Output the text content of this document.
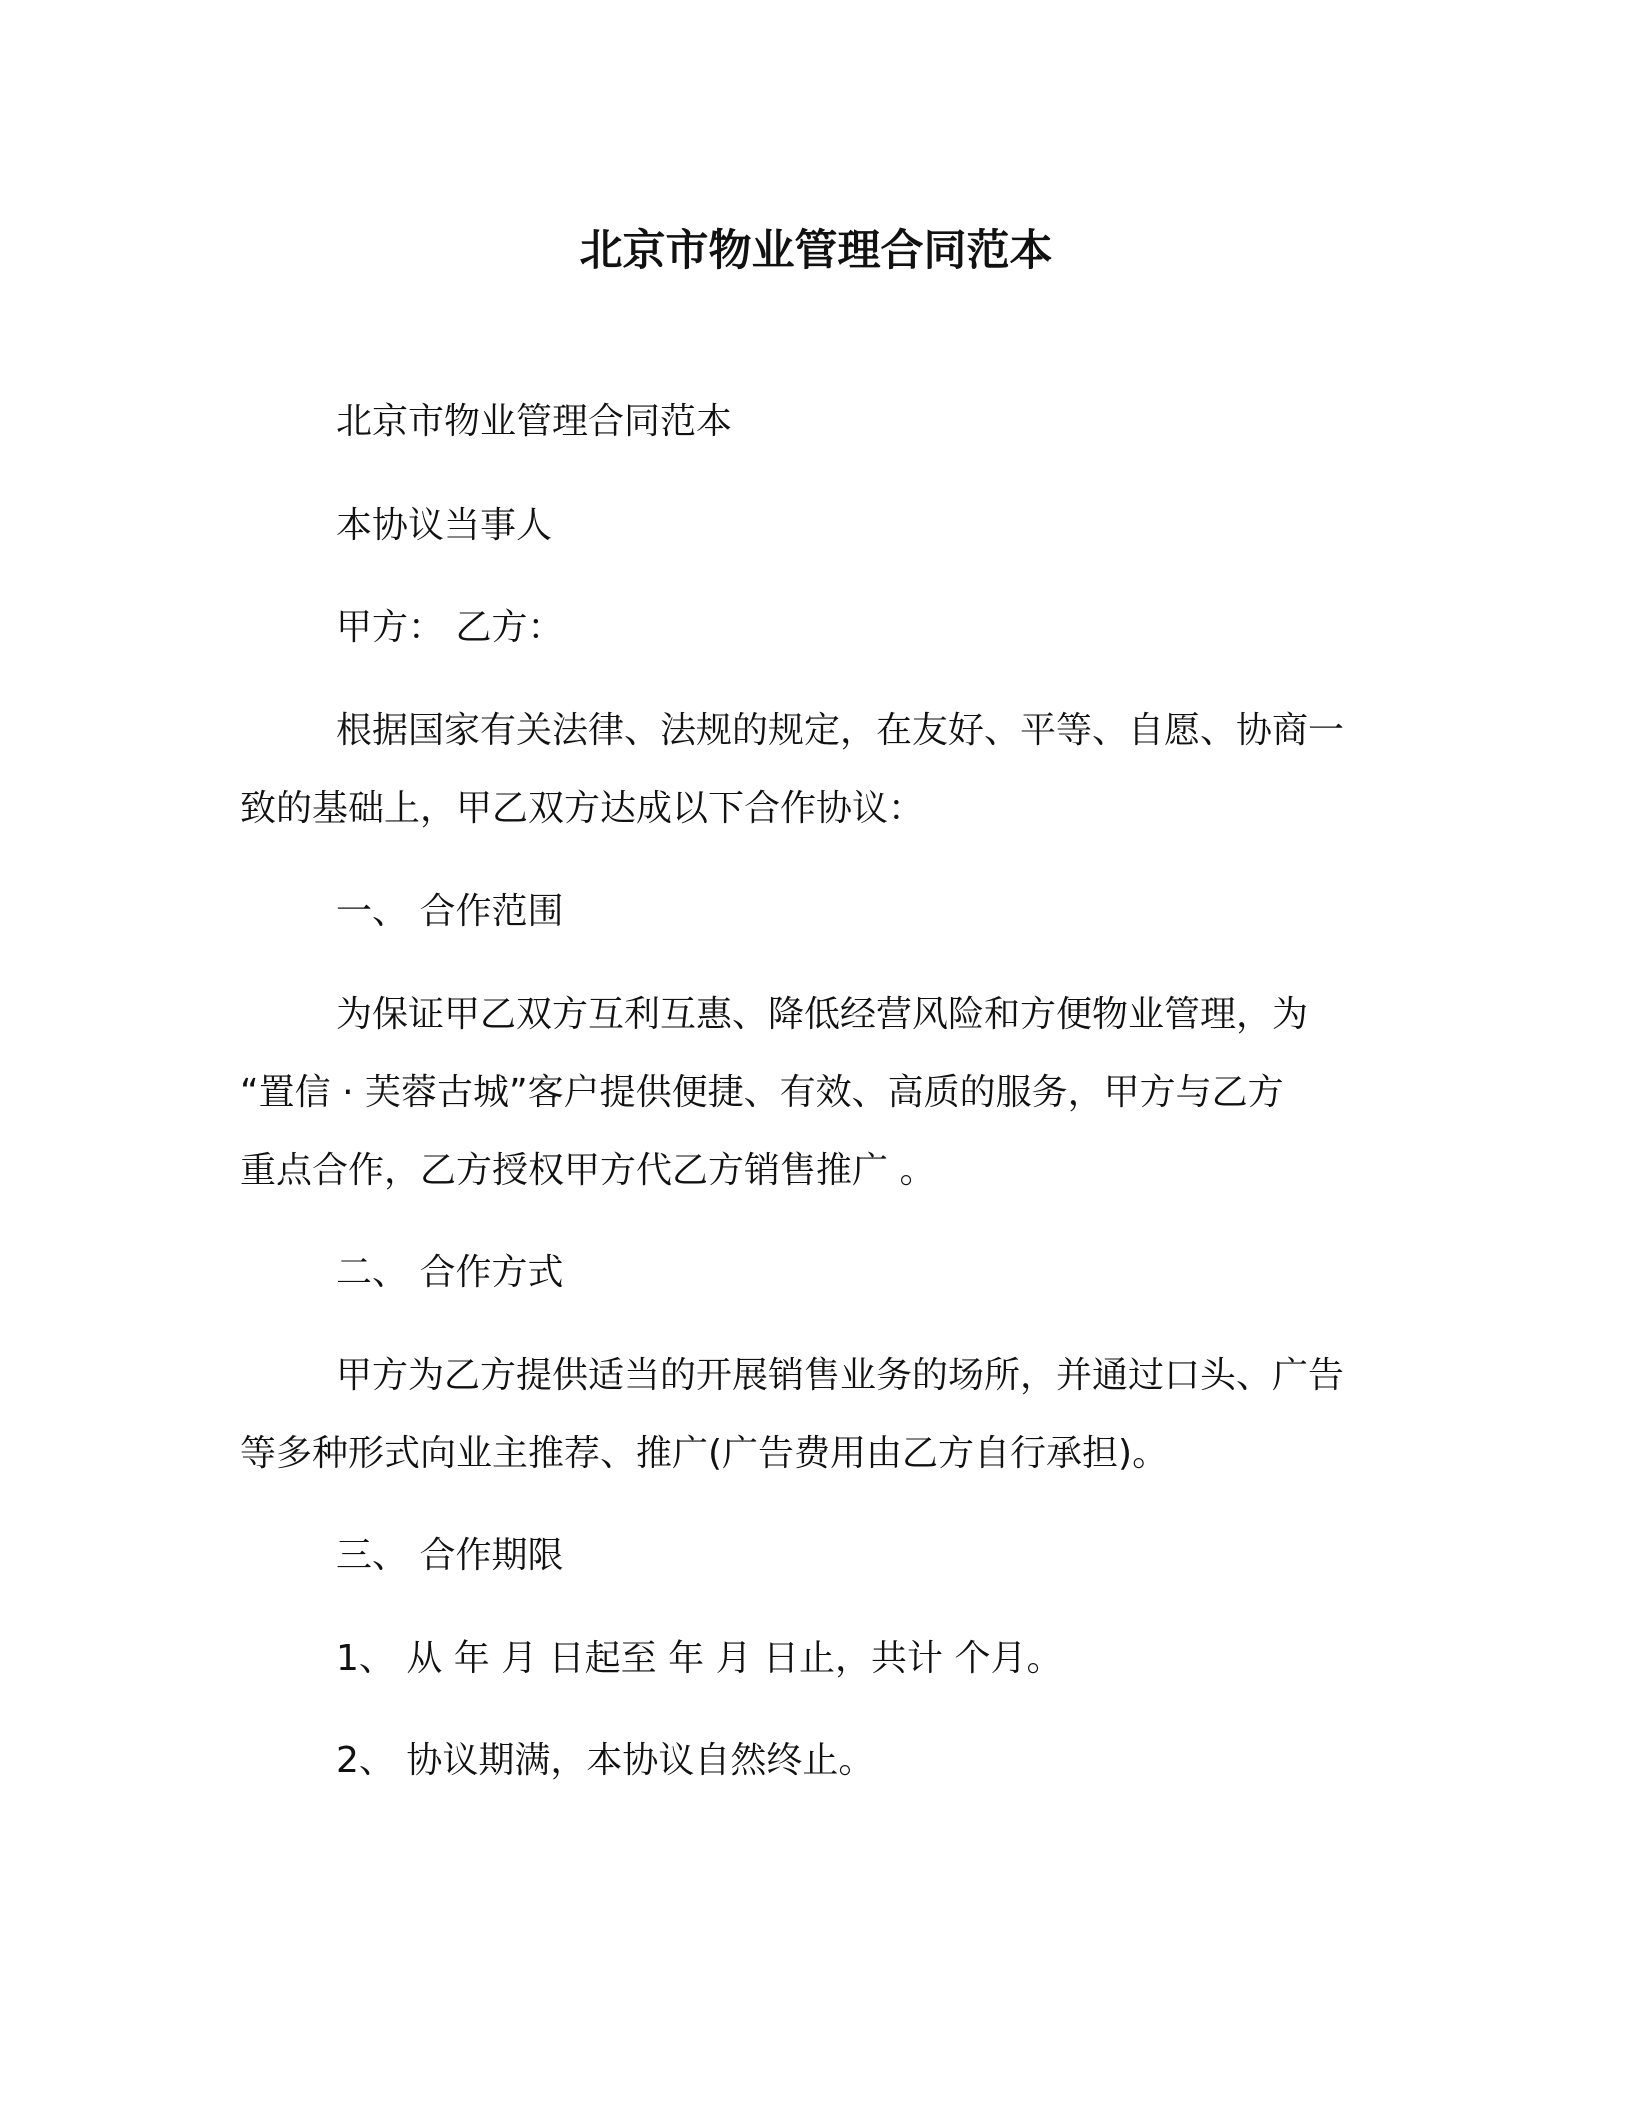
北京市物业管理合同范本
北京市物业管理合同范本
本协议当事人
甲方： 乙方：
根据国家有关法律、法规的规定，在友好、平等、自愿、协商一
致的基础上，甲乙双方达成以下合作协议：
一、 合作范围
为保证甲乙双方互利互惠、降低经营风险和方便物业管理，为
“置信 · 芙蓉古城”客户提供便捷、有效、高质的服务，甲方与乙方
重点合作，乙方授权甲方代乙方销售推广 。
二、 合作方式
甲方为乙方提供适当的开展销售业务的场所，并通过口头、广告
等多种形式向业主推荐、推广(广告费用由乙方自行承担)。
三、 合作期限
1、 从 年 月 日起至 年 月 日止，共计 个月。
2、 协议期满，本协议自然终止。
